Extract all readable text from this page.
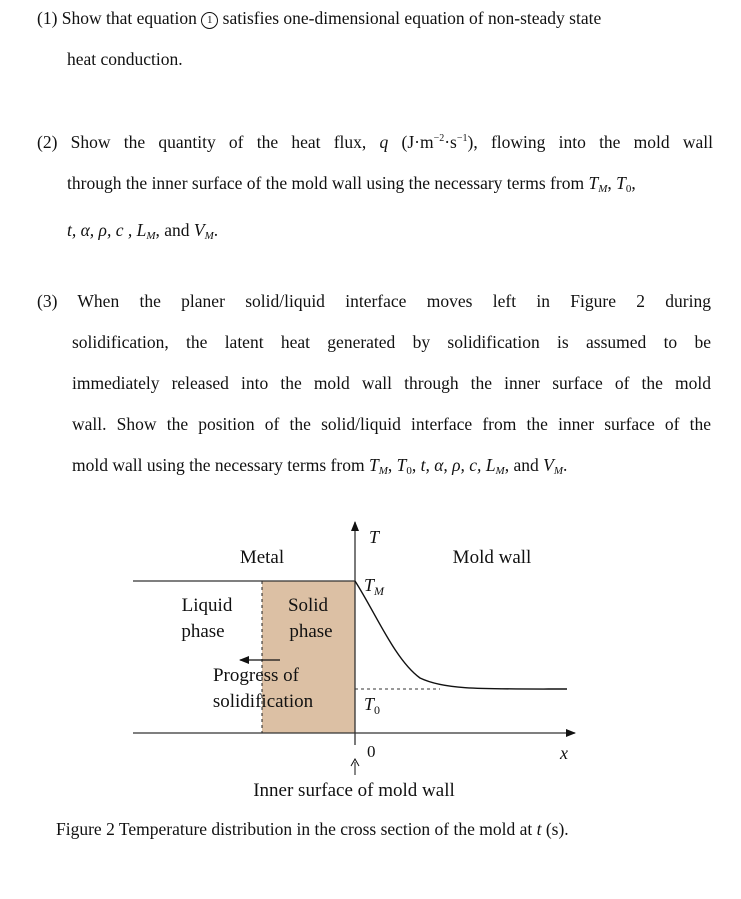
(1) Show that equation 1 satisfies one-dimensional equation of non-steady state
heat conduction.
(2) Show the quantity of the heat flux, q $(J\cdot m^{-2}\cdot s^{-1})$, flowing into the mold wall
through the inner surface of the mold wall using the necessary terms from $T_M$, $T_0$,
t, α, ρ, c , $L_M$, and $V_M$.
(3) When the planer solid/liquid interface moves left in Figure 2 during
solidification, the latent heat generated by solidification is assumed to be
immediately released into the mold wall through the inner surface of the mold
wall. Show the position of the solid/liquid interface from the inner surface of the
mold wall using the necessary terms from $T_M$, $T_0$, t, α, ρ, c, $L_M$, and $V_M$.
Metal	Mold wall
Liquid
phase
Solid
phase
Progress of
solidification
T
$T_M$
$T_0$
0	x
Inner surface of mold wall
Figure 2 Temperature distribution in the cross section of the mold at t (s).
